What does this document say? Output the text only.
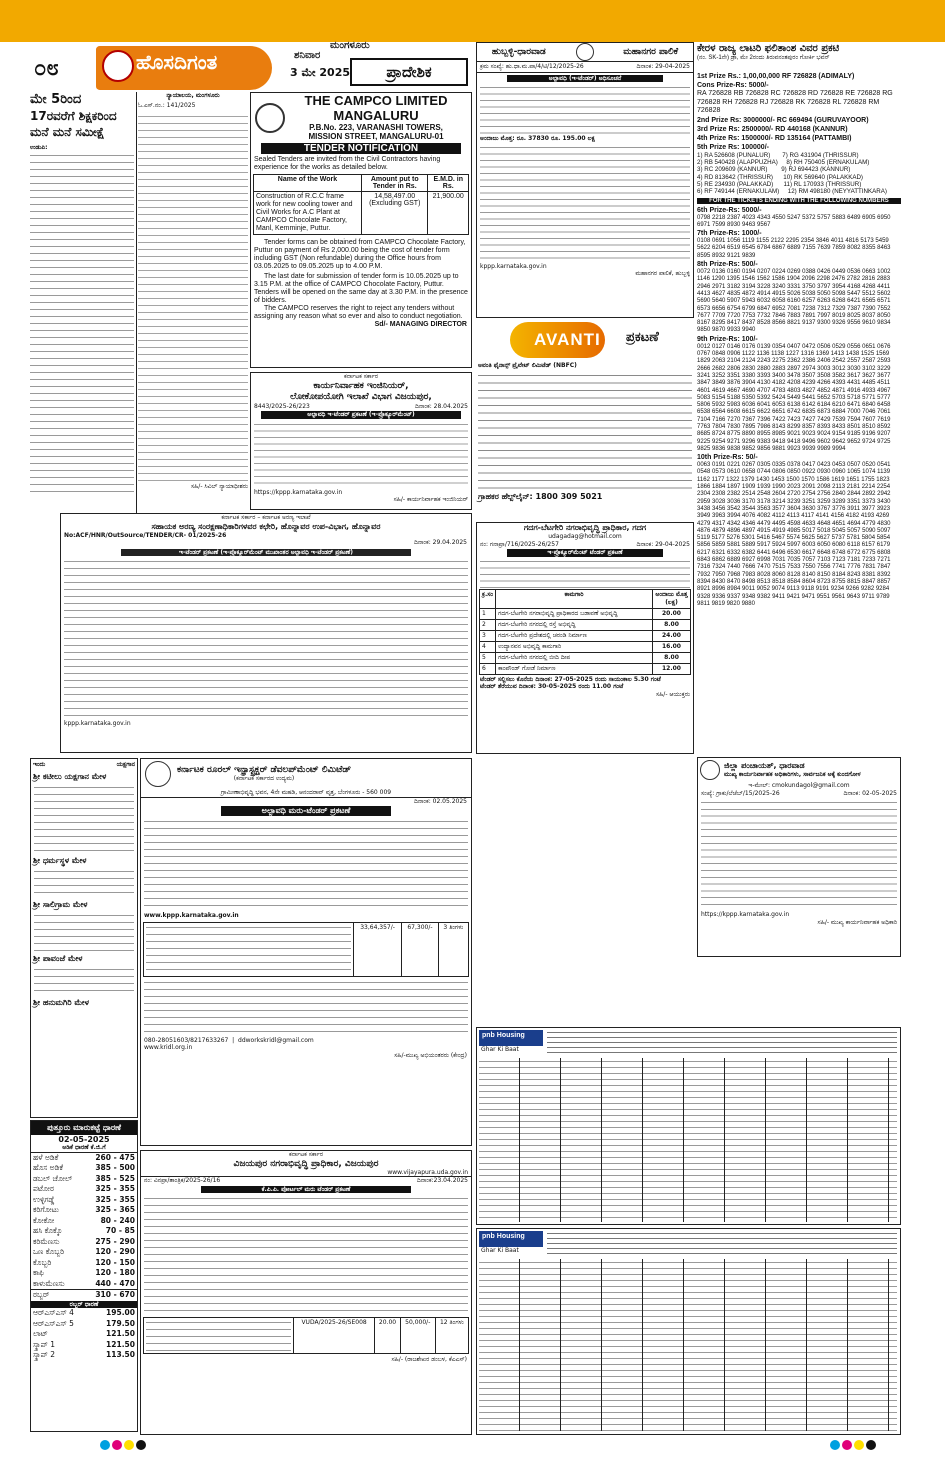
೦೮	ಹೊಸದಿಗಂತ
ಮಂಗಳೂರು
ಶನಿವಾರ
3 ಮೇ 2025	ಪ್ರಾದೇಶಿಕ
ಮೇ 5ರಿಂದ
17ರವರೆಗೆ ಶಿಕ್ಷಕರಿಂದ
ಮನೆ ಮನೆ ಸಮೀಕ್ಷೆ
ಉಡುಪಿ:
ನ್ಯಾಯಾಲಯ, ಮಂಗಳೂರು
ಓ.ಎಸ್.ನಂ.: 141/2025
ಸಹಿ/- ಸಿವಿಲ್ ನ್ಯಾಯಾಧೀಶರು
THE CAMPCO LIMITED
MANGALURU
P.B.No. 223, VARANASHI TOWERS,
MISSION STREET, MANGALURU-01
TENDER NOTIFICATION
Sealed Tenders are invited from the Civil Contractors having experience for the works as detailed below.
Name of the Work	Amount put to Tender in Rs.	E.M.D. in Rs.
Construction of R.C.C frame work for new cooling tower and Civil Works for A.C Plant at CAMPCO Chocolate Factory, Manl, Kemminje, Puttur.	14,58,497.00 (Excluding GST)	21,900.00
Tender forms can be obtained from CAMPCO Chocolate Factory, Puttur on payment of Rs 2,000.00 being the cost of tender form including GST (Non refundable) during the Office hours from 03.05.2025 to 09.05.2025 up to 4.00 P.M.
The last date for submission of tender form is 10.05.2025 up to 3.15 P.M. at the office of CAMPCO Chocolate Factory, Puttur. Tenders will be opened on the same day at 3.30 P.M. in the presence of bidders.
The CAMPCO reserves the right to reject any tenders without assigning any reason what so ever and also to conduct negotiation.
Sd/- MANAGING DIRECTOR
ಕರ್ನಾಟಕ ಸರ್ಕಾರ
ಕಾರ್ಯನಿರ್ವಾಹಕ ಇಂಜಿನಿಯರ್,
ಲೋಕೋಪಯೋಗಿ ಇಲಾಖೆ ವಿಭಾಗ ವಿಜಯಪುರ,
8443/2025-26/223	ದಿನಾಂಕ: 28.04.2025
ಅಲ್ಪಾವಧಿ ಇ-ಟೆಂಡರ್ ಪ್ರಕಟಣೆ (ಇ-ಪ್ರೊಕ್ಯೂರ್‌ಮೆಂಟ್)
https://kppp.karnataka.gov.in
ಸಹಿ/- ಕಾರ್ಯನಿರ್ವಾಹಕ ಇಂಜಿನಿಯರ್
ಕರ್ನಾಟಕ ಸರ್ಕಾರ – ಕರ್ನಾಟಕ ಅರಣ್ಯ ಇಲಾಖೆ
ಸಹಾಯಕ ಅರಣ್ಯ ಸಂರಕ್ಷಣಾಧಿಕಾರಿಗಳವರ ಕಛೇರಿ, ಹೊನ್ನಾವರ ಉಪ-ವಿಭಾಗ, ಹೊನ್ನಾವರ
No:ACF/HNR/OutSource/TENDER/CR- 01/2025-26
ದಿನಾಂಕ: 29.04.2025
ಇ-ಟೆಂಡರ್ ಪ್ರಕಟಣೆ (ಇ-ಪ್ರೊಕ್ಯೂರ್‌ಮೆಂಟ್ ಮುಖಾಂತರ ಅಲ್ಪಾವಧಿ ಇ-ಟೆಂಡರ್ ಪ್ರಕಟಣೆ)
kppp.karnataka.gov.in
ಹುಬ್ಬಳ್ಳಿ-ಧಾರವಾಡ	ಮಹಾನಗರ ಪಾಲಿಕೆ
ಕ್ರಮ ಸಂಖ್ಯೆ: ಹು.ಧಾ.ಮ.ಪಾ/4/ಟಿ/12/2025-26	ದಿನಾಂಕ: 29-04-2025
ಅಲ್ಪಾವಧಿ (ಇ-ಟೆಂಡರ್) ಅಧಿಸೂಚನೆ
ಅಂದಾಜು ಮೊತ್ತ: ರೂ. 37830 ರೂ. 195.00 ಲಕ್ಷ
kppp.karnataka.gov.in
ಮಹಾನಗರ ಪಾಲಿಕೆ, ಹುಬ್ಬಳ್ಳಿ
ಕೇರಳ ರಾಜ್ಯ ಲಾಟರಿ ಫಲಿತಾಂಶ ವಿವರ ಪ್ರಕಟಿ
(ನಂ. SK-1ನೇ) ಡ್ರಾ, ಮೇ 2ರಂದು ತಿರುವನಂತಪುರಂ ಗೋರ್ಕಿ ಭವನ್
1st Prize Rs.: 1,00,00,000 RF 726828 (ADIMALY)
Cons Prize-Rs: 5000/-
RA 726828 RB 726828 RC 726828 RD 726828 RE 726828 RG 726828 RH 726828 RJ 726828 RK 726828 RL 726828 RM 726828
2nd Prize Rs: 3000000/- RC 669494 (GURUVAYOOR)
3rd Prize Rs: 2500000/- RD 440168 (KANNUR)
4th Prize Rs: 1500000/- RD 135164 (PATTAMBI)
5th Prize Rs: 100000/-
1) RA 526608 (PUNALUR)       7) RG 431904 (THRISSUR)
2) RB 540428 (ALAPPUZHA)     8) RH 750405 (ERNAKULAM)
3) RC 209609 (KANNUR)        9) RJ 694423 (KANNUR)
4) RD 813642 (THRISSUR)      10) RK 569640 (PALAKKAD)
5) RE 234930 (PALAKKAD)      11) RL 170933 (THRISSUR)
6) RF 749144 (ERNAKULAM)     12) RM 498180 (NEYYATTINKARA)
FOR THE TICKETS ENDING WITH THE FOLLOWING NUMBERS
6th Prize-Rs: 5000/-
0798 2218 2387 4023 4343 4550 5247 5372 5757 5883 6489 6905 6950 6971 7599 8930 9463 9567
7th Prize-Rs: 1000/-
0108 0691 1056 1119 1155 2122 2295 2354 3846 4011 4816 5173 5459 5622 6204 6519 6545 6784 6867 6889 7155 7639 7859 8082 8355 8463 8595 8932 9121 9839
8th Prize-Rs: 500/-
0072 0136 0160 0194 0207 0224 0269 0388 0426 0449 0536 0663 1002 1146 1290 1395 1546 1562 1586 1904 2096 2298 2476 2782 2816 2883 2946 2971 3182 3194 3228 3240 3331 3750 3797 3954 4168 4268 4411 4413 4627 4835 4872 4914 4915 5026 5038 5050 5098 5447 5512 5602 5690 5640 5907 5943 6032 6058 6160 6257 6263 6268 6421 6565 6571 6573 6656 6754 6799 6847 6952 7081 7238 7312 7329 7387 7390 7552 7677 7709 7720 7753 7732 7846 7883 7891 7997 8019 8025 8037 8050 8167 8295 8417 8437 8528 8566 8821 9137 9300 9326 9556 9610 9834 9850 9870 9933 9940
9th Prize-Rs: 100/-
0012 0127 0146 0176 0139 0354 0407 0472 0506 0529 0556 0651 0676 0767 0848 0906 1122 1136 1138 1227 1316 1369 1413 1438 1525 1569 1829 2063 2104 2124 2243 2275 2362 2386 2406 2542 2557 2587 2593 2666 2682 2806 2830 2880 2883 2897 2974 3003 3012 3030 3102 3229 3241 3252 3351 3380 3393 3400 3478 3507 3508 3582 3617 3627 3677 3847 3849 3876 3904 4130 4182 4208 4239 4266 4393 4431 4485 4511 4601 4619 4667 4690 4707 4783 4803 4827 4852 4871 4916 4933 4967 5083 5154 5188 5350 5392 5424 5449 5441 5652 5703 5718 5771 5777 5806 5932 5983 6036 6041 6053 6138 6142 6184 6210 6471 6840 6458 6538 6564 6608 6615 6622 6651 6742 6835 6873 6884 7000 7046 7061 7104 7166 7270 7367 7396 7422 7423 7427 7429 7539 7594 7607 7619 7763 7804 7830 7895 7986 8143 8299 8357 8393 8433 8501 8510 8592 8685 8724 8775 8890 8955 8985 9021 9023 9024 9154 9185 9196 9207 9225 9254 9271 9296 9383 9418 9418 9496 9602 9642 9652 9724 9725 9825 9836 9838 9852 9856 9881 9923 9939 9989 9994
10th Prize-Rs: 50/-
0063 0191 0221 0267 0305 0335 0378 0417 0423 0453 0507 0520 0541 0548 0573 0610 0658 0744 0806 0850 0922 0930 0960 1065 1074 1139 1162 1177 1322 1379 1430 1453 1500 1570 1586 1619 1651 1755 1823 1866 1884 1897 1909 1939 1990 2023 2091 2098 2113 2181 2214 2254 2304 2308 2382 2514 2548 2604 2720 2754 2756 2840 2844 2892 2942 2959 3028 3036 3170 3178 3214 3239 3251 3259 3289 3351 3373 3430 3438 3456 3542 3544 3563 3577 3604 3630 3767 3776 3911 3977 3923 3949 3963 3994 4076 4082 4112 4113 4117 4141 4156 4182 4193 4269 4279 4317 4342 4346 4479 4495 4598 4633 4648 4651 4694 4779 4830 4876 4879 4896 4897 4915 4919 4985 5017 5018 5045 5057 5090 5097 5119 5177 5276 5301 5416 5467 5574 5625 5627 5737 5781 5804 5854 5856 5859 5881 5889 5917 5924 5997 6003 6050 6080 6118 6157 6179 6217 6321 6332 6382 6441 6496 6530 6617 6648 6748 6772 6775 6808 6843 6862 6889 6927 6998 7031 7035 7057 7103 7123 7181 7233 7271 7316 7324 7440 7666 7470 7515 7533 7550 7556 7741 7776 7831 7847 7932 7950 7968 7983 8028 8060 8128 8140 8150 8184 8243 8381 8392 8394 8430 8470 8498 8513 8518 8584 8604 8723 8755 8815 8847 8857 8921 8996 8984 9011 9052 9074 9113 9118 9191 9234 9266 9282 9284 9328 9336 9337 9348 9382 9411 9421 9471 9551 9561 9643 9711 9789 9811 9819 9820 9880
AVANTI ಪ್ರಕಟಣೆ
ಅವಂತಿ ಫೈನಾನ್ಸ್ ಪ್ರೈವೇಟ್ ಲಿಮಿಟೆಡ್ (NBFC)
ಗ್ರಾಹಕರ ಹೆಲ್ಪ್‌ಲೈನ್: 1800 309 5021
ಗದಗ-ಬೆಟಗೇರಿ ನಗರಾಭಿವೃದ್ಧಿ ಪ್ರಾಧಿಕಾರ, ಗದಗ
udagadag@hotmail.com
ನಂ: ಗನಾಪ್ರಾ/716/2025-26/257	ದಿನಾಂಕ: 29-04-2025
ಇ-ಪ್ರೊಕ್ಯೂರ್‌ಮೆಂಟ್ ಟೆಂಡರ್ ಪ್ರಕಟಣೆ
ಕ್ರ.ಸಂ	ಕಾಮಗಾರಿ	ಅಂದಾಜು ಮೊತ್ತ (ಲಕ್ಷ)
1	ಗದಗ-ಬೆಟಗೇರಿ ನಗರಾಭಿವೃದ್ಧಿ ಪ್ರಾಧಿಕಾರದ ಬಡಾವಣೆ ಅಭಿವೃದ್ಧಿ	20.00
2	ಗದಗ-ಬೆಟಗೇರಿ ನಗರದಲ್ಲಿ ರಸ್ತೆ ಅಭಿವೃದ್ಧಿ	8.00
3	ಗದಗ-ಬೆಟಗೇರಿ ಪ್ರದೇಶದಲ್ಲಿ ಚರಂಡಿ ನಿರ್ಮಾಣ	24.00
4	ಉದ್ಯಾನವನ ಅಭಿವೃದ್ಧಿ ಕಾಮಗಾರಿ	16.00
5	ಗದಗ-ಬೆಟಗೇರಿ ನಗರದಲ್ಲಿ ಬೀದಿ ದೀಪ	8.00
6	ಕಾಂಪೌಂಡ್ ಗೋಡೆ ನಿರ್ಮಾಣ	12.00
ಟೆಂಡರ್ ಸಲ್ಲಿಸಲು ಕೊನೆಯ ದಿನಾಂಕ: 27-05-2025 ರಂದು ಸಾಯಂಕಾಲ 5.30 ಗಂಟೆ
ಟೆಂಡರ್ ತೆರೆಯುವ ದಿನಾಂಕ: 30-05-2025 ರಂದು 11.00 ಗಂಟೆ
ಸಹಿ/- ಆಯುಕ್ತರು
ಜಿಲ್ಲಾ ಪಂಚಾಯತ್, ಧಾರವಾಡ
ಮುಖ್ಯ ಕಾರ್ಯನಿರ್ವಾಹಕ ಅಧಿಕಾರಿಗಳು, ಸಾರ್ವಜನಿಕ ಅಕ್ಕೆ ಕುಂದಗೋಳ
ಇ-ಮೇಲ್: cmokundagol@gmail.com
ಸಂಖ್ಯೆ: ಗ್ರಾಕು/ಲೆಜೆಬ್/15/2025-26	ದಿನಾಂಕ: 02-05-2025
https://kppp.karnataka.gov.in
ಸಹಿ/- ಮುಖ್ಯ ಕಾರ್ಯನಿರ್ವಾಹಕ ಅಧಿಕಾರಿ
ಇಂದು	ಯಕ್ಷಗಾನ
ಶ್ರೀ ಕಟೀಲು ಯಕ್ಷಗಾನ ಮೇಳ
ಶ್ರೀ ಧರ್ಮಸ್ಥಳ ಮೇಳ
ಶ್ರೀ ಸಾಲಿಗ್ರಾಮ ಮೇಳ
ಶ್ರೀ ಪಾವಂಜೆ ಮೇಳ
ಶ್ರೀ ಹನುಮಗಿರಿ ಮೇಳ
ಪುತ್ತೂರು ಮಾರುಕಟ್ಟೆ ಧಾರಣೆ
02-05-2025
ಅಡಿಕೆ ಧಾರಣೆ ಕೆ.ಜಿ.ಗೆ
ಹಳೆ ಅಡಿಕೆ	260 - 475
ಹೊಸ ಅಡಿಕೆ	385 - 500
ಡಬಲ್ ಚೋಲ್	385 - 525
ಪಟೋರ	325 - 355
ಉಳ್ಳಿಗಡ್ಡೆ	325 - 355
ಕರಿಗೋಟು	325 - 365
ಕೋಕೋ	80 - 240
ಹಸಿ ಕೊಕ್ಕೊ	70 - 85
ಕರಿಮೆಣಸು	275 - 290
ಒಣ ಕೊಬ್ಬರಿ	120 - 290
ಕೊಬ್ಬರಿ	120 - 150
ಕಾಫಿ	120 - 180
ಕಾಳುಮೆಣಸು	440 - 470
ರಬ್ಬರ್	310 - 670
ರಬ್ಬರ್ ಧಾರಣೆ
ಆರ್‌ಎಸ್‌ಎಸ್ 4	195.00
ಆರ್‌ಎಸ್‌ಎಸ್ 5	179.50
ಲಾಟ್	121.50
ಸ್ಕ್ರಾಪ್ 1	121.50
ಸ್ಕ್ರಾಪ್ 2	113.50
ಕರ್ನಾಟಕ ರೂರಲ್ ಇನ್ಫ್ರಾಸ್ಟ್ರಕ್ಚರ್ ಡೆವಲಪ್‌ಮೆಂಟ್ ಲಿಮಿಟೆಡ್
(ಕರ್ನಾಟಕ ಸರ್ಕಾರದ ಉದ್ಯಮ)
ಗ್ರಾಮೀಣಾಭಿವೃದ್ಧಿ ಭವನ, 4ನೇ ಮಹಡಿ, ಆನಂದರಾವ್ ವೃತ್ತ, ಬೆಂಗಳೂರು - 560 009
ದಿನಾಂಕ: 02.05.2025
ಅಲ್ಪಾವಧಿ ಮರು-ಟೆಂಡರ್ ಪ್ರಕಟಣೆ
www.kppp.karnataka.gov.in
	33,64,357/-	67,300/-	3 ತಿಂಗಳು
080-28051603/8217633267  |  ddworkskridl@gmail.com
www.kridl.org.in
ಸಹಿ/-ಮುಖ್ಯ ಅಭಿಯಂತರರು (ಕೇಂದ್ರ)
ಕರ್ನಾಟಕ ಸರ್ಕಾರ
ವಿಜಯಪುರ ನಗರಾಭಿವೃದ್ಧಿ ಪ್ರಾಧಿಕಾರ, ವಿಜಯಪುರ
www.vijayapura.uda.gov.in
ನಂ: ವಿನಪ್ರಾ/ತಾಂತ್ರಿಕ/2025-26/16	ದಿನಾಂಕ:23.04.2025
ಕೆ.ಪಿ.ಪಿ. ಪೋರ್ಟಲ್ ಮರು ಟೆಂಡರ್ ಪ್ರಕಟಣೆ
	VUDA/2025-26/SE008	20.00	50,000/-	12 ತಿಂಗಳು
ಸಹಿ/- (ರಾಜಶೇಖರ ಡಂಬಳ, ಕೆಎಎಸ್)
pnb Housing
Ghar Ki Baat
pnb Housing
Ghar Ki Baat
